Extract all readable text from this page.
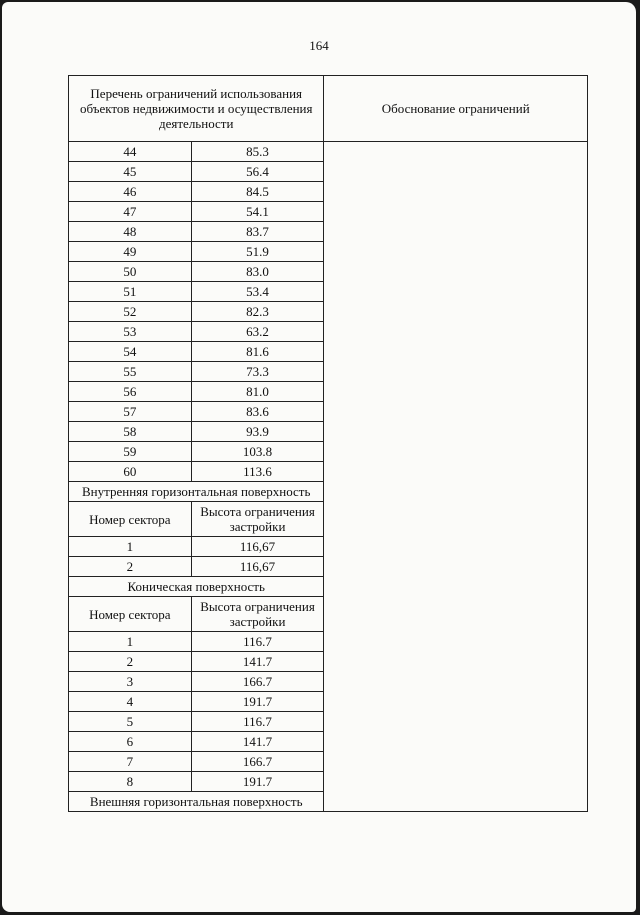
164
Перечень ограничений использования объектов недвижимости и осуществления деятельности		Обоснование ограничений
44	85.3	
45	56.4	
46	84.5	
47	54.1	
48	83.7	
49	51.9	
50	83.0	
51	53.4	
52	82.3	
53	63.2	
54	81.6	
55	73.3	
56	81.0	
57	83.6	
58	93.9	
59	103.8	
60	113.6	
Внутренняя горизонтальная поверхность		
Номер сектора	Высота ограничения застройки	
1	116,67	
2	116,67	
Коническая поверхность		
Номер сектора	Высота ограничения застройки	
1	116.7	
2	141.7	
3	166.7	
4	191.7	
5	116.7	
6	141.7	
7	166.7	
8	191.7	
Внешняя горизонтальная поверхность		
